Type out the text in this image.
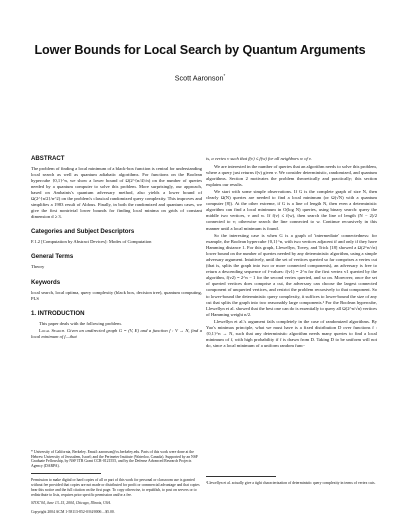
Lower Bounds for Local Search by Quantum Arguments
Scott Aaronson*
ABSTRACT

The problem of finding a local minimum of a black-box function is central for understanding local search as well as quantum adiabatic algorithms. For functions on the Boolean hypercube {0,1}^n, we show a lower bound of Ω(2^{n/4}/n) on the number of queries needed by a quantum computer to solve this problem. More surprisingly, our approach, based on Ambainis's quantum adversary method, also yields a lower bound of Ω(2^{n/2}/n^2) on the problem's classical randomized query complexity. This improves and simplifies a 1983 result of Aldous. Finally, in both the randomized and quantum cases, we give the first nontrivial lower bounds for finding local minima on grids of constant dimension d ≥ 3.

Categories and Subject Descriptors

F.1.2 [Computation by Abstract Devices]: Modes of Computation

General Terms

Theory

Keywords

local search, local optima, query complexity (black box, decision tree), quantum computing, PLS

1. INTRODUCTION

This paper deals with the following problem.

Local Search. Given an undirected graph G = (V, E) and a function f : V → N, find a local minimum of f—that

* University of California, Berkeley. Email: aaronson@cs.berkeley.edu. Parts of this work were done at the Hebrew University of Jerusalem, Israel; and the Perimeter Institute (Waterloo, Canada). Supported by an NSF Graduate Fellowship, by NSF ITR Grant CCR-0121555, and by the Defense Advanced Research Projects Agency (DARPA).

Permission to make digital or hard copies of all or part of this work for personal or classroom use is granted without fee provided that copies are not made or distributed for profit or commercial advantage and that copies bear this notice and the full citation on the first page. To copy otherwise, to republish, to post on servers or to redistribute to lists, requires prior specific permission and/or a fee.

STOC'04, June 13–15, 2004, Chicago, Illinois, USA.

Copyright 2004 ACM 1-58113-852-0/04/0006 ...$5.00.

is, a vertex v such that f(v) ≤ f(w) for all neighbors w of v.

We are interested in the number of queries that an algorithm needs to solve this problem, where a query just returns f(v) given v. We consider deterministic, randomized, and quantum algorithms. Section 2 motivates the problem theoretically and practically; this section explains our results.

We start with some simple observations. If G is the complete graph of size N, then clearly Ω(N) queries are needed to find a local minimum (or Ω(√N) with a quantum computer [8]). At the other extreme, if G is a line of length N, then even a deterministic algorithm can find a local minimum in O(log N) queries, using binary search: query the middle two vertices, v and w. If f(v) ≤ f(w), then search the line of length (N − 2)/2 connected to v; otherwise search the line connected to w. Continue recursively in this manner until a local minimum is found.

So the interesting case is when G is a graph of 'intermediate' connectedness: for example, the Boolean hypercube {0,1}^n, with two vertices adjacent if and only if they have Hamming distance 1. For this graph, Llewellyn, Tovey, and Trick [18] showed a Ω(2^n/√n) lower bound on the number of queries needed by any deterministic algorithm, using a simple adversary argument. Intuitively, until the set of vertices queried so far comprises a vertex cut (that is, splits the graph into two or more connected components), an adversary is free to return a descending sequence of f-values: f(v1) = 2^n for the first vertex v1 queried by the algorithm, f(v2) = 2^n − 1 for the second vertex queried, and so on. Moreover, once the set of queried vertices does comprise a cut, the adversary can choose the largest connected component of unqueried vertices, and restrict the problem recursively to that component. So to lower-bound the deterministic query complexity, it suffices to lower-bound the size of any cut that splits the graph into two reasonably large components.¹ For the Boolean hypercube, Llewellyn et al. showed that the best one can do is essentially to query all Ω(2^n/√n) vertices of Hamming weight n/2.

Llewellyn et al.'s argument fails completely in the case of randomized algorithms. By Yao's minimax principle, what we must have is a fixed distribution D over functions f : {0,1}^n → N, such that any deterministic algorithm needs many queries to find a local minimum of f, with high probability if f is drawn from D. Taking D to be uniform will not do, since a local minimum of a uniform random func-

¹Llewellyn et al. actually give a tight characterization of deterministic query complexity in terms of vertex cuts.
